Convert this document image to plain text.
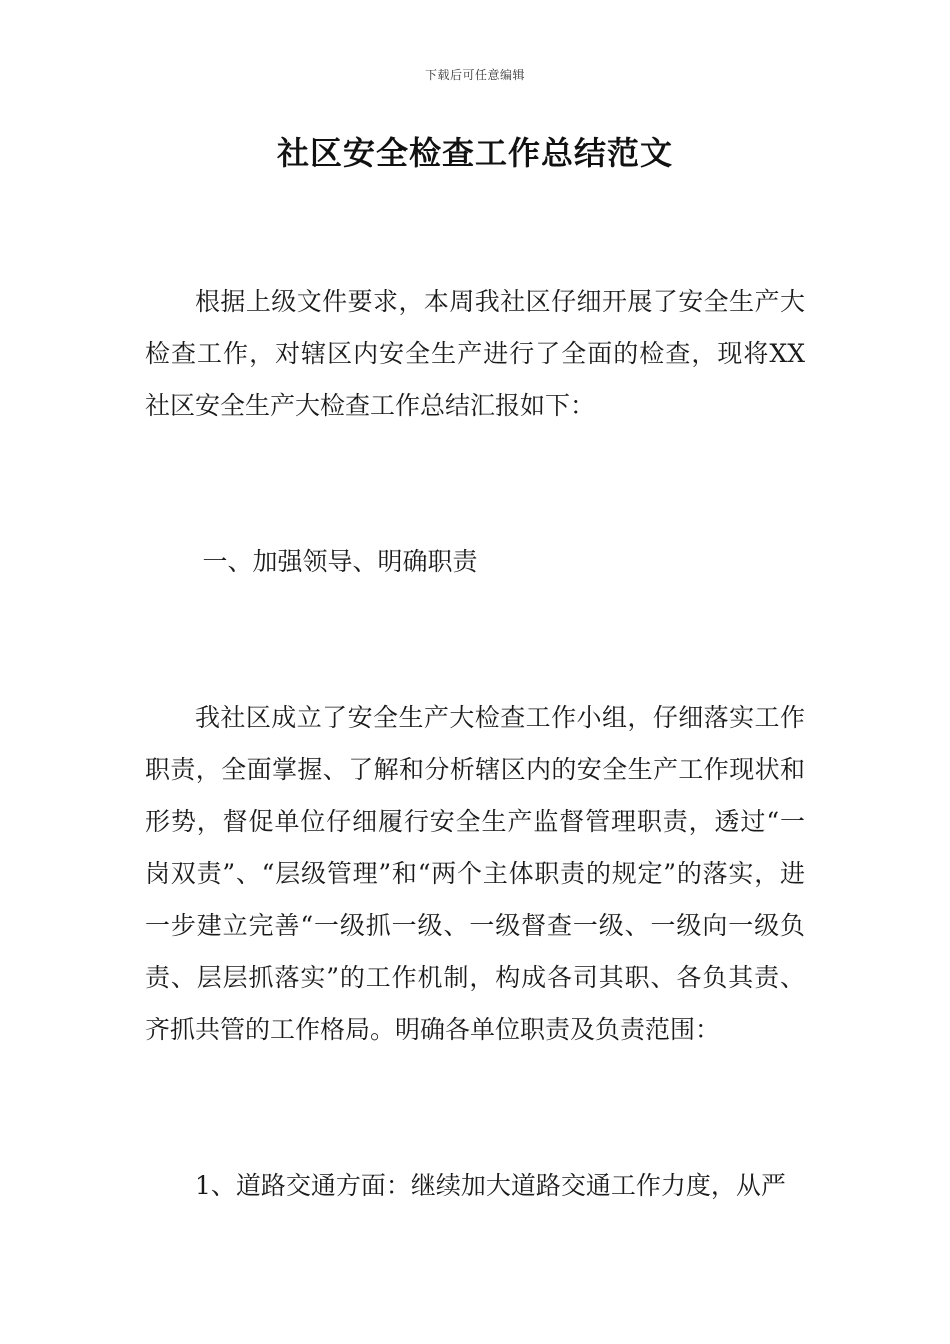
下载后可任意编辑
社区安全检查工作总结范文

根据上级文件要求，本周我社区仔细开展了安全生产大检查工作，对辖区内安全生产进行了全面的检查，现将XX社区安全生产大检查工作总结汇报如下：

一、加强领导、明确职责

我社区成立了安全生产大检查工作小组，仔细落实工作职责，全面掌握、了解和分析辖区内的安全生产工作现状和形势，督促单位仔细履行安全生产监督管理职责，透过“一岗双责”、“层级管理”和“两个主体职责的规定”的落实，进一步建立完善“一级抓一级、一级督查一级、一级向一级负责、层层抓落实”的工作机制，构成各司其职、各负其责、齐抓共管的工作格局。明确各单位职责及负责范围：

1、道路交通方面：继续加大道路交通工作力度，从严
